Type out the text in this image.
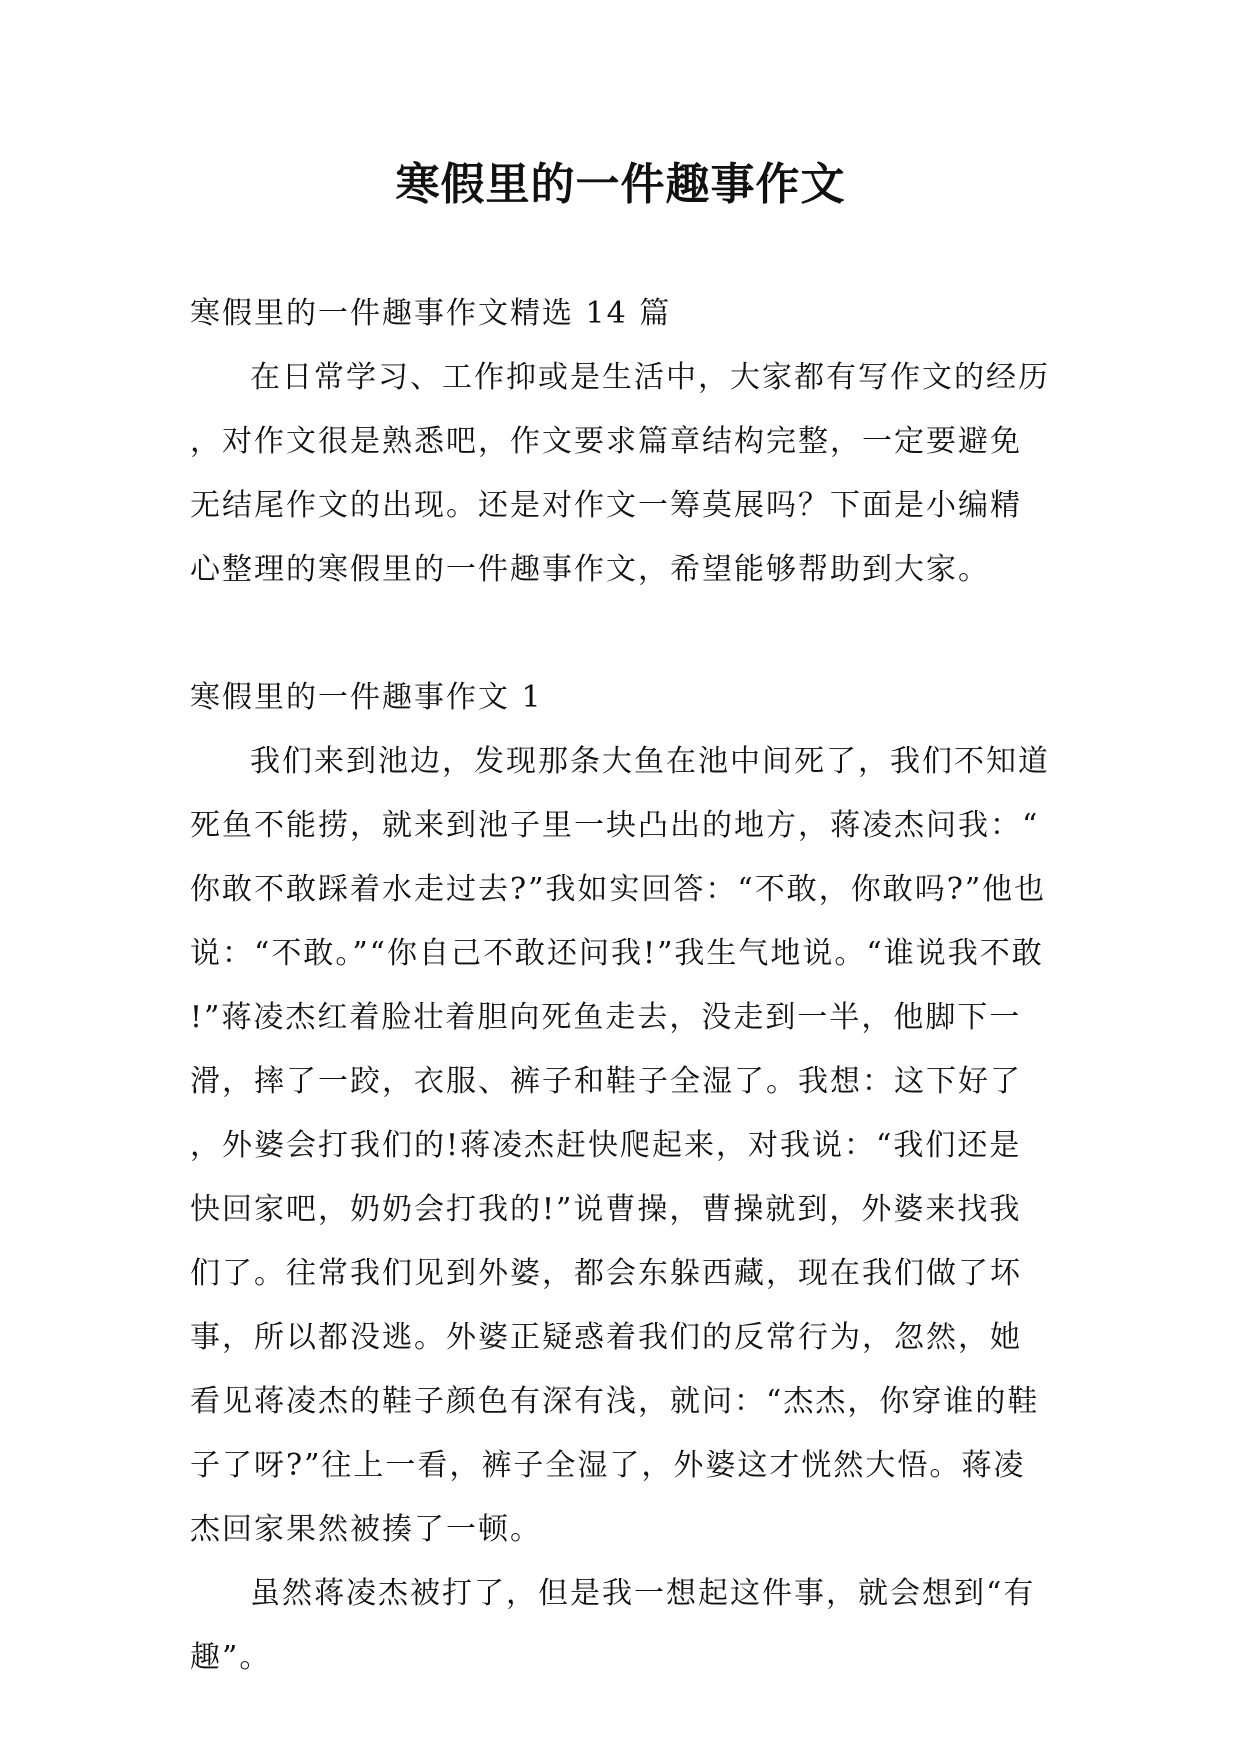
寒假里的一件趣事作文

寒假里的一件趣事作文精选 14 篇

在日常学习、工作抑或是生活中，大家都有写作文的经历，对作文很是熟悉吧，作文要求篇章结构完整，一定要避免无结尾作文的出现。还是对作文一筹莫展吗？下面是小编精心整理的寒假里的一件趣事作文，希望能够帮助到大家。

寒假里的一件趣事作文 1

我们来到池边，发现那条大鱼在池中间死了，我们不知道死鱼不能捞，就来到池子里一块凸出的地方，蒋凌杰问我：“你敢不敢踩着水走过去?”我如实回答：“不敢，你敢吗?”他也说：“不敢。”“你自己不敢还问我!”我生气地说。“谁说我不敢!”蒋凌杰红着脸壮着胆向死鱼走去，没走到一半，他脚下一滑，摔了一跤，衣服、裤子和鞋子全湿了。我想：这下好了，外婆会打我们的!蒋凌杰赶快爬起来，对我说：“我们还是快回家吧，奶奶会打我的!”说曹操，曹操就到，外婆来找我们了。往常我们见到外婆，都会东躲西藏，现在我们做了坏事，所以都没逃。外婆正疑惑着我们的反常行为，忽然，她看见蒋凌杰的鞋子颜色有深有浅，就问：“杰杰，你穿谁的鞋子了呀?”往上一看，裤子全湿了，外婆这才恍然大悟。蒋凌杰回家果然被揍了一顿。

虽然蒋凌杰被打了，但是我一想起这件事，就会想到“有趣”。
